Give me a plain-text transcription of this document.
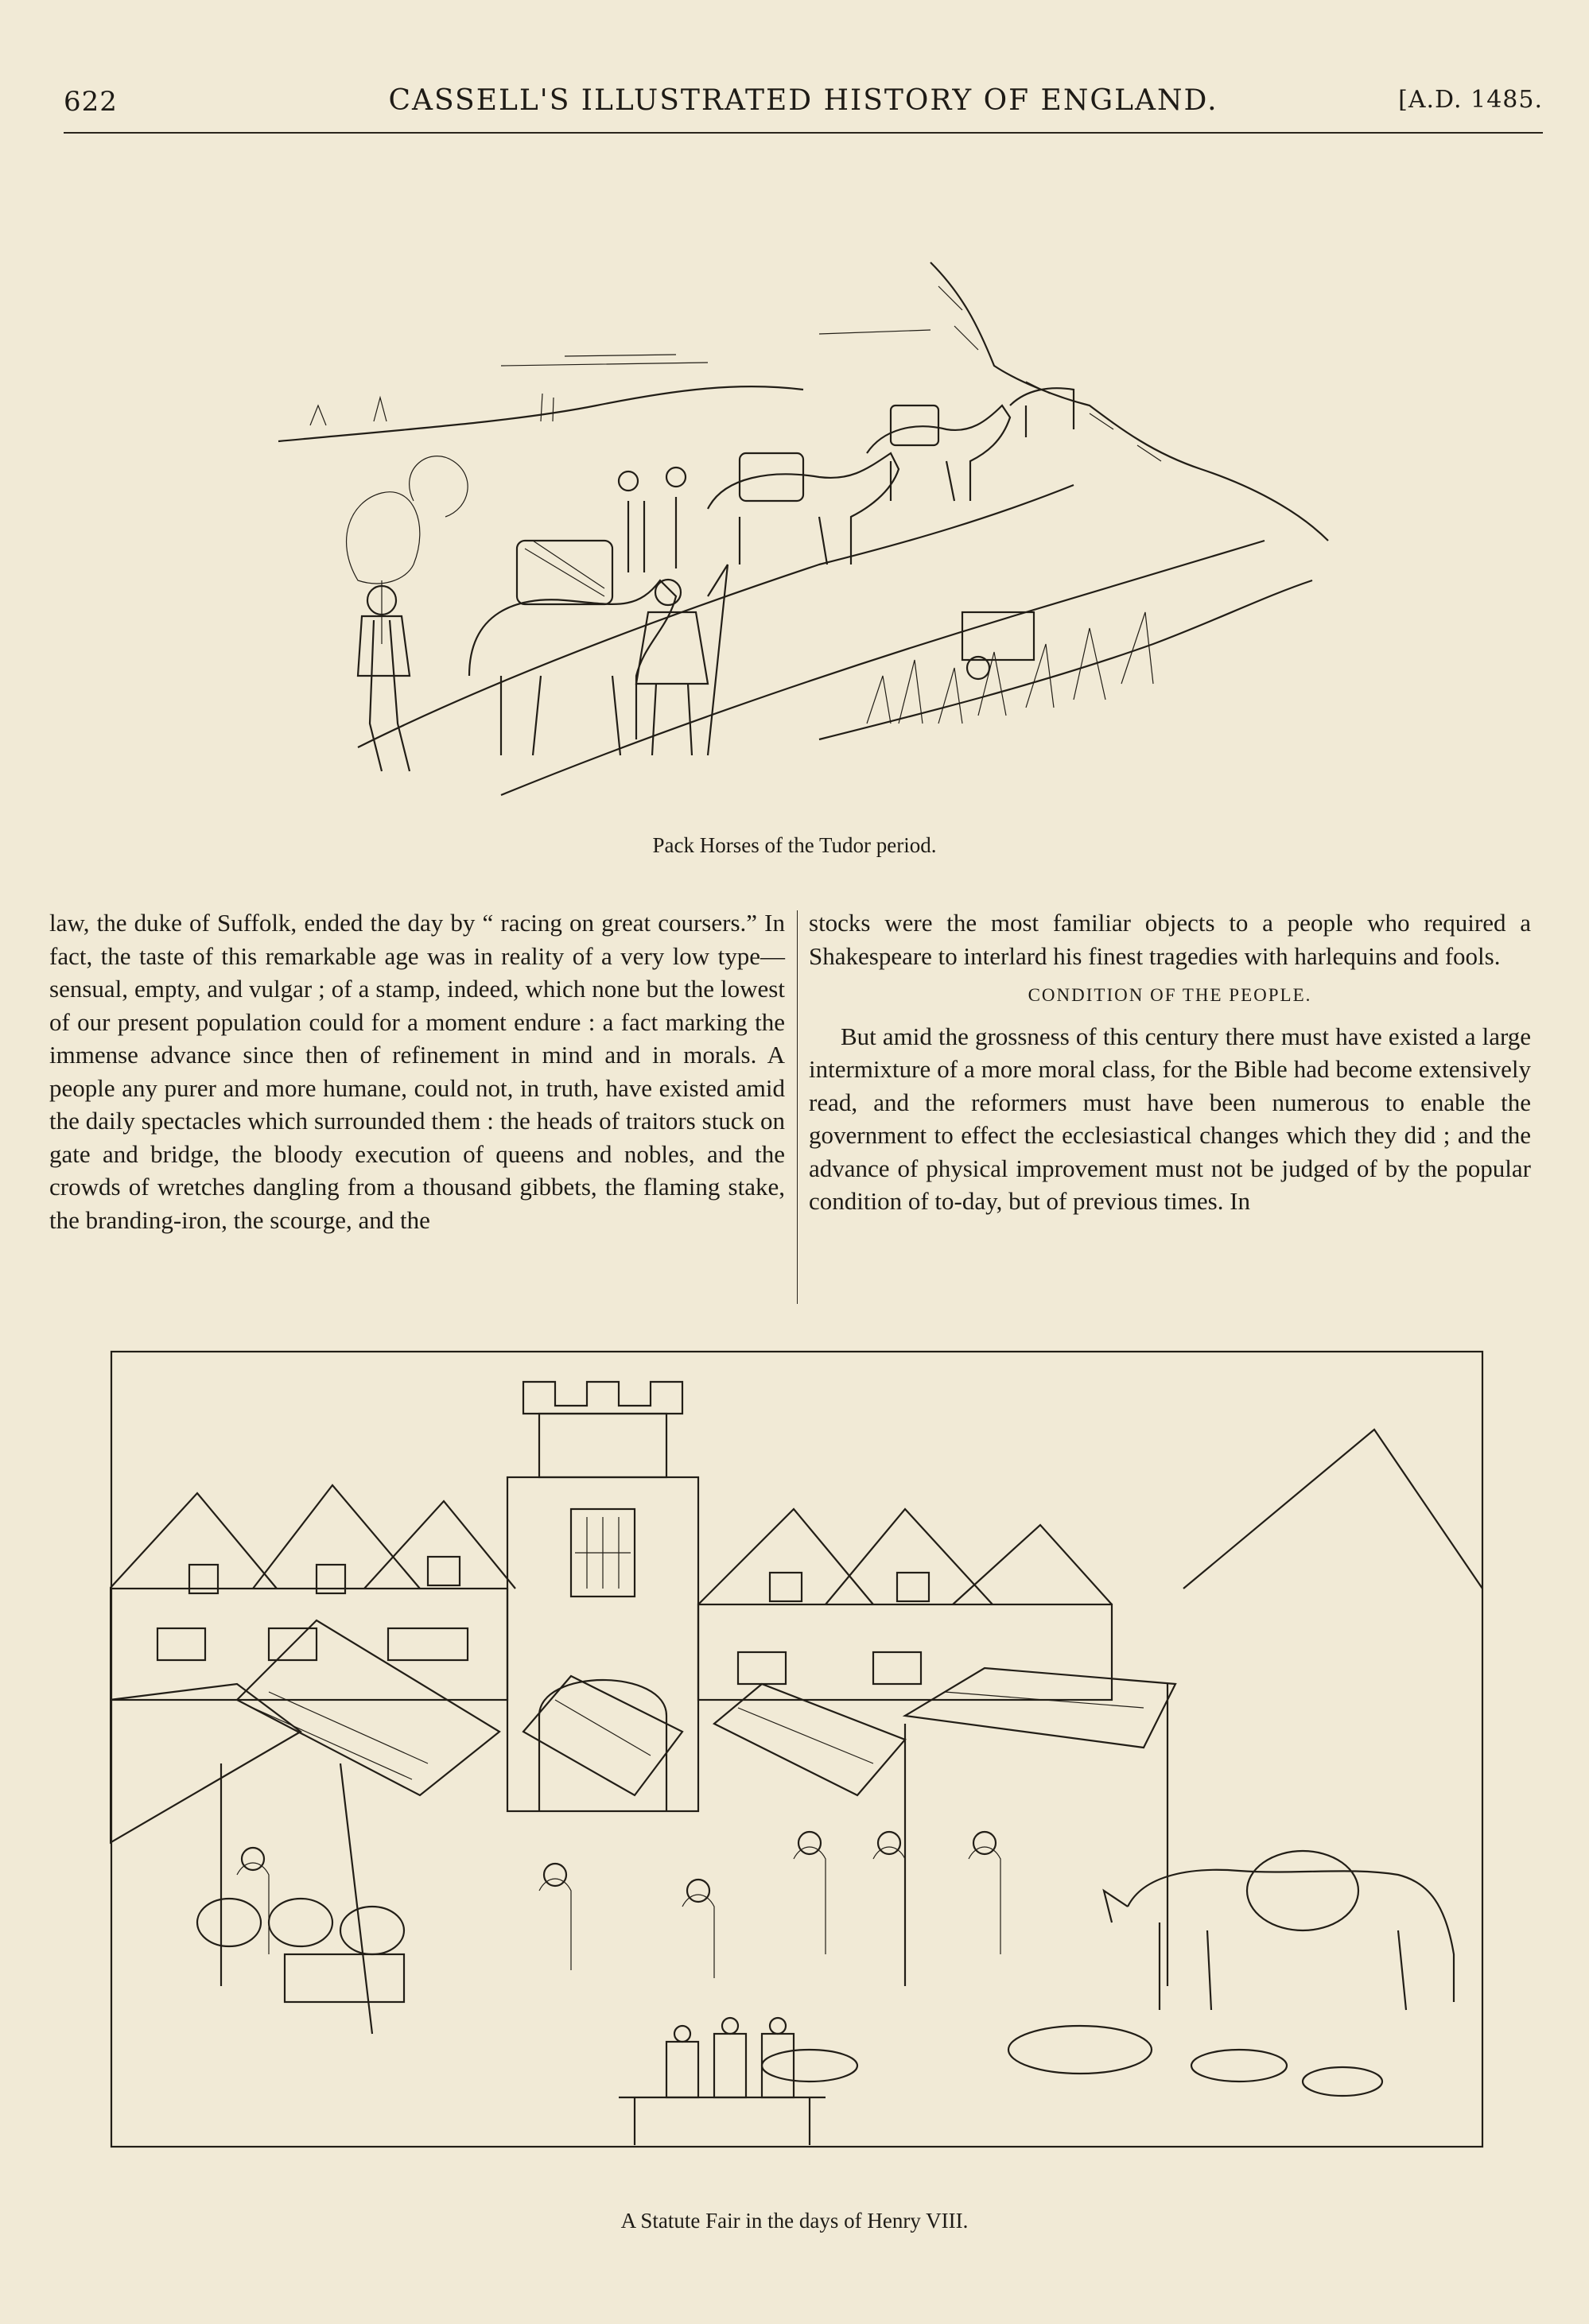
622	CASSELL'S ILLUSTRATED HISTORY OF ENGLAND.	[A.D. 1485.
Pack Horses of the Tudor period.
law, the duke of Suffolk, ended the day by “ racing on great coursers.” In fact, the taste of this remarkable age was in reality of a very low type—sensual, empty, and vulgar ; of a stamp, indeed, which none but the lowest of our present population could for a moment endure : a fact marking the immense advance since then of refinement in mind and in morals. A people any purer and more humane, could not, in truth, have existed amid the daily spectacles which surrounded them : the heads of traitors stuck on gate and bridge, the bloody execution of queens and nobles, and the crowds of wretches dangling from a thousand gibbets, the flaming stake, the branding-iron, the scourge, and the
stocks were the most familiar objects to a people who required a Shakespeare to interlard his finest tragedies with harlequins and fools.
CONDITION OF THE PEOPLE.
But amid the grossness of this century there must have existed a large intermixture of a more moral class, for the Bible had become extensively read, and the reformers must have been numerous to enable the government to effect the ecclesiastical changes which they did ; and the advance of physical improvement must not be judged of by the popular condition of to-day, but of previous times. In
A Statute Fair in the days of Henry VIII.
